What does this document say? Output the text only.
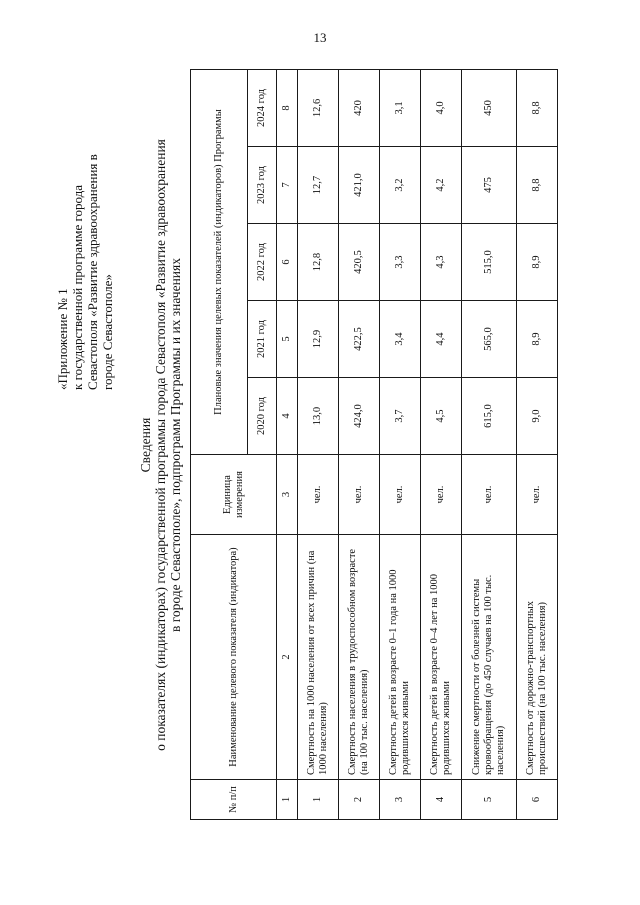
13
«Приложение № 1 к государственной программе города Севастополя «Развитие здравоохранения в городе Севастополе»
Сведения о показателях (индикаторах) государственной программы города Севастополя «Развитие здравоохранения в городе Севастополе», подпрограмм Программы и их значениях
№ п/п	Наименование целевого показателя (индикатора)	Единица измерения	Плановые значения целевых показателей (индикаторов) Программы				
			2020 год	2021 год	2022 год	2023 год	2024 год
1	2	3	4	5	6	7	8
1	Смертность на 1000 населения от всех причин (на 1000 населения)	чел.	13,0	12,9	12,8	12,7	12,6
2	Смертность населения в трудоспособном возрасте (на 100 тыс. населения)	чел.	424,0	422,5	420,5	421,0	420
3	Смертность детей в возрасте 0–1 года на 1000 родившихся живыми	чел.	3,7	3,4	3,3	3,2	3,1
4	Смертность детей в возрасте 0–4 лет на 1000 родившихся живыми	чел.	4,5	4,4	4,3	4,2	4,0
5	Снижение смертности от болезней системы кровообращения (до 450 случаев на 100 тыс. населения)	чел.	615,0	565,0	515,0	475	450
6	Смертность от дорожно-транспортных происшествий (на 100 тыс. населения)	чел.	9,0	8,9	8,9	8,8	8,8
